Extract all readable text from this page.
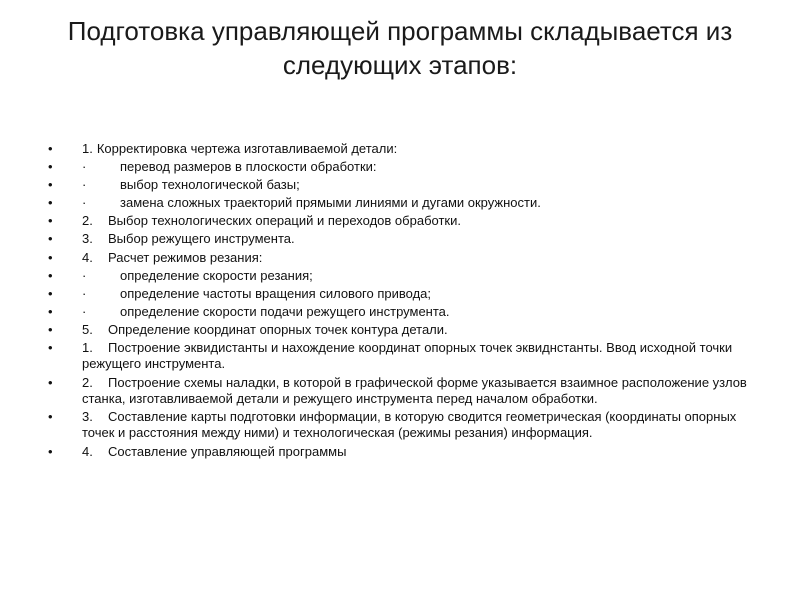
Подготовка управляющей программы складывается из
следующих этапов:
• 1. Корректировка чертежа изготавливаемой детали:
• ·	перевод размеров в плоскости обработки:
• ·	выбор технологической базы;
• ·	замена сложных траекторий прямыми линиями и дугами окружности.
• 2. Выбор технологических операций и переходов обработки.
• 3. Выбор режущего инструмента.
• 4. Расчет режимов резания:
• ·	определение скорости резания;
• ·	определение частоты вращения силового привода;
• ·	определение скорости подачи режущего инструмента.
• 5. Определение координат опорных точек контура детали.
• 1. Построение эквидистанты и нахождение координат опорных точек эквиднстанты. Ввод исходной точки режущего инструмента.
• 2. Построение схемы наладки, в которой в графической форме указывается взаимное расположение узлов станка, изготавливаемой детали и режущего инструмента перед началом обработки.
• 3. Составление карты подготовки информации, в которую сводится геометрическая (координаты опорных точек и расстояния между ними) и технологическая (режимы резания) информация.
• 4. Составление управляющей программы
